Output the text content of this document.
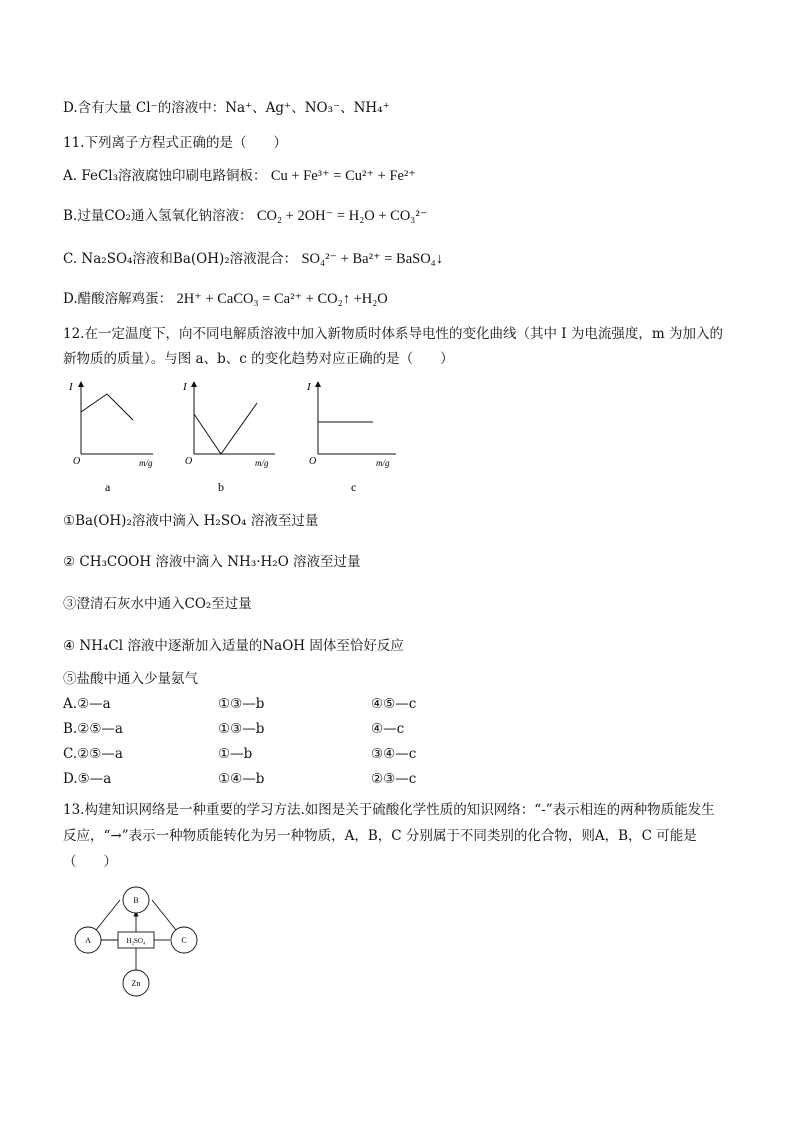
D.含有大量 Cl⁻的溶液中：Na⁺、Ag⁺、NO₃⁻、NH₄⁺
11.下列离子方程式正确的是（　　）
A. FeCl₃溶液腐蚀印刷电路铜板： Cu + Fe³⁺ = Cu²⁺ + Fe²⁺
B.过量CO₂通入氢氧化钠溶液： CO₂ + 2OH⁻ = H₂O + CO₃²⁻
C. Na₂SO₄溶液和Ba(OH)₂溶液混合： SO₄²⁻ + Ba²⁺ = BaSO₄↓
D.醋酸溶解鸡蛋： 2H⁺ + CaCO₃ = Ca²⁺ + CO₂↑ +H₂O
12.在一定温度下，向不同电解质溶液中加入新物质时体系导电性的变化曲线（其中 I 为电流强度，m 为加入的新物质的质量）。与图 a、b、c 的变化趋势对应正确的是（　　）
I
O	m/g
a
I
O	m/g
b
I
O	m/g
c
①Ba(OH)₂溶液中滴入 H₂SO₄ 溶液至过量
② CH₃COOH 溶液中滴入 NH₃·H₂O 溶液至过量
③澄清石灰水中通入CO₂至过量
④ NH₄Cl 溶液中逐渐加入适量的NaOH 固体至恰好反应
⑤盐酸中通入少量氨气
A.②—a	①③—b	④⑤—c
B.②⑤—a	①③—b	④—c
C.②⑤—a	①—b	③④—c
D.⑤—a	①④—b	②③—c
13.构建知识网络是一种重要的学习方法.如图是关于硫酸化学性质的知识网络：“-”表示相连的两种物质能发生反应，“→”表示一种物质能转化为另一种物质，A，B，C 分别属于不同类别的化合物，则A，B，C 可能是（　　）
B
A	C
H₂SO₄
Zn
